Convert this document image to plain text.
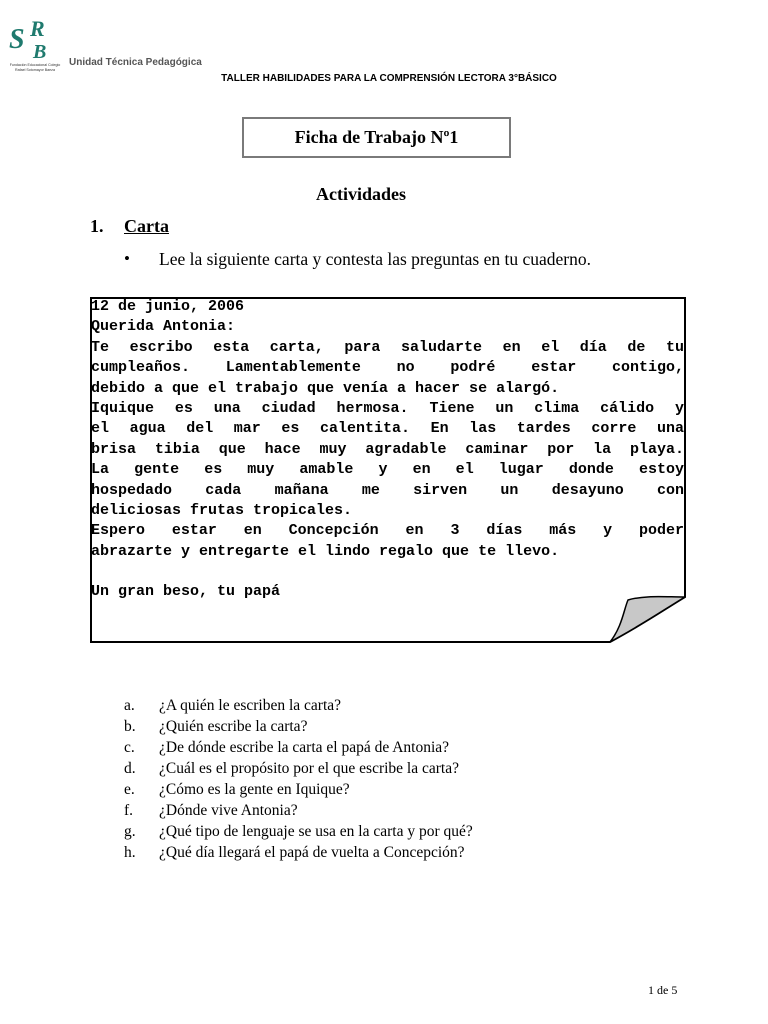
S R
B
Fundación Educacional Colegio
Rafael Sotomayor Baeza
Unidad Técnica Pedagógica
TALLER HABILIDADES PARA LA COMPRENSIÓN LECTORA 3°BÁSICO
Ficha de Trabajo Nº1
Actividades
1. Carta
• Lee la siguiente carta y contesta las preguntas en tu cuaderno.
12 de junio, 2006
Querida Antonia:
Te escribo esta carta, para saludarte en el día de tu
cumpleaños. Lamentablemente no podré estar contigo,
debido a que el trabajo que venía a hacer se alargó.
Iquique es una ciudad hermosa. Tiene un clima cálido y
el agua del mar es calentita. En las tardes corre una
brisa tibia que hace muy agradable caminar por la playa.
La gente es muy amable y en el lugar donde estoy
hospedado cada mañana me sirven un desayuno con
deliciosas frutas tropicales.
Espero estar en Concepción en 3 días más y poder
abrazarte y entregarte el lindo regalo que te llevo.
Un gran beso, tu papá
a.	¿A quién le escriben la carta?
b.	¿Quién escribe la carta?
c.	¿De dónde escribe la carta el papá de Antonia?
d.	¿Cuál es el propósito por el que escribe la carta?
e.	¿Cómo es la gente en Iquique?
f.	¿Dónde vive Antonia?
g.	¿Qué tipo de lenguaje se usa en la carta y por qué?
h.	¿Qué día llegará el papá de vuelta a Concepción?
1 de 5
